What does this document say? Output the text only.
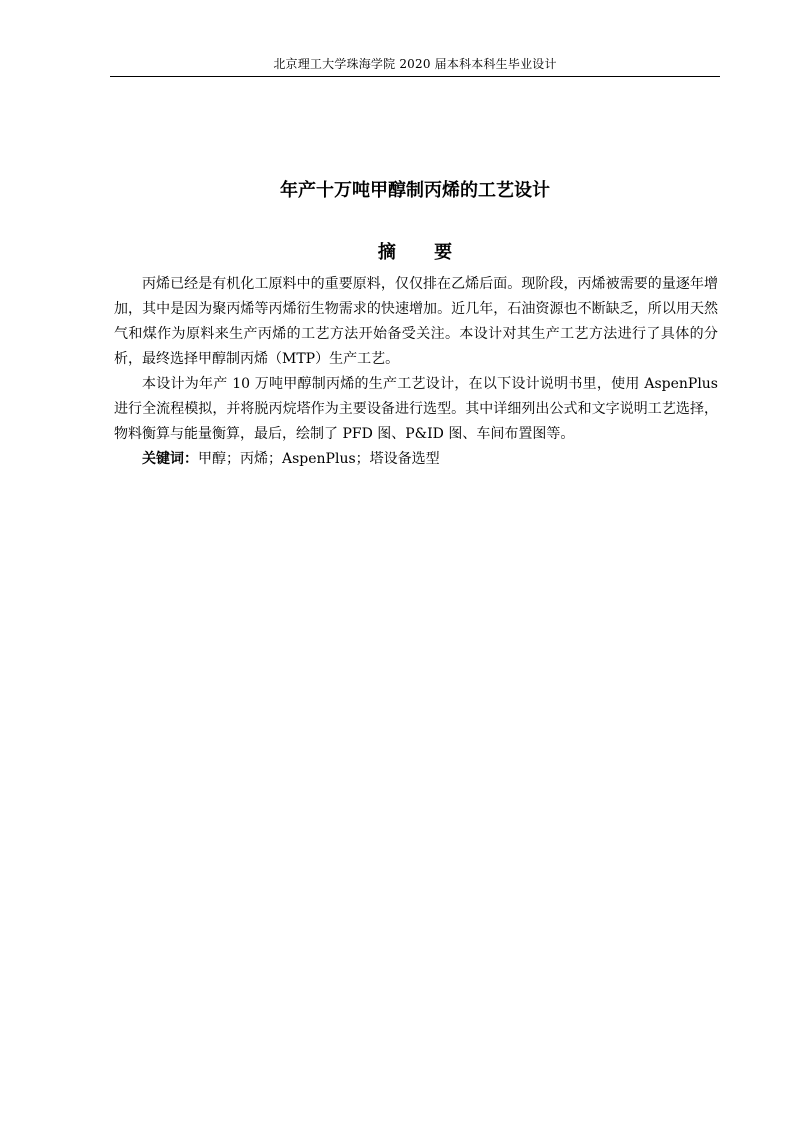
北京理工大学珠海学院 2020 届本科本科生毕业设计
年产十万吨甲醇制丙烯的工艺设计
摘 要

丙烯已经是有机化工原料中的重要原料，仅仅排在乙烯后面。现阶段，丙烯被需要的量逐年增加，其中是因为聚丙烯等丙烯衍生物需求的快速增加。近几年，石油资源也不断缺乏，所以用天然气和煤作为原料来生产丙烯的工艺方法开始备受关注。本设计对其生产工艺方法进行了具体的分析，最终选择甲醇制丙烯（MTP）生产工艺。

本设计为年产 10 万吨甲醇制丙烯的生产工艺设计，在以下设计说明书里，使用 AspenPlus 进行全流程模拟，并将脱丙烷塔作为主要设备进行选型。其中详细列出公式和文字说明工艺选择，物料衡算与能量衡算，最后，绘制了 PFD 图、P&ID 图、车间布置图等。

关键词：甲醇；丙烯；AspenPlus；塔设备选型
